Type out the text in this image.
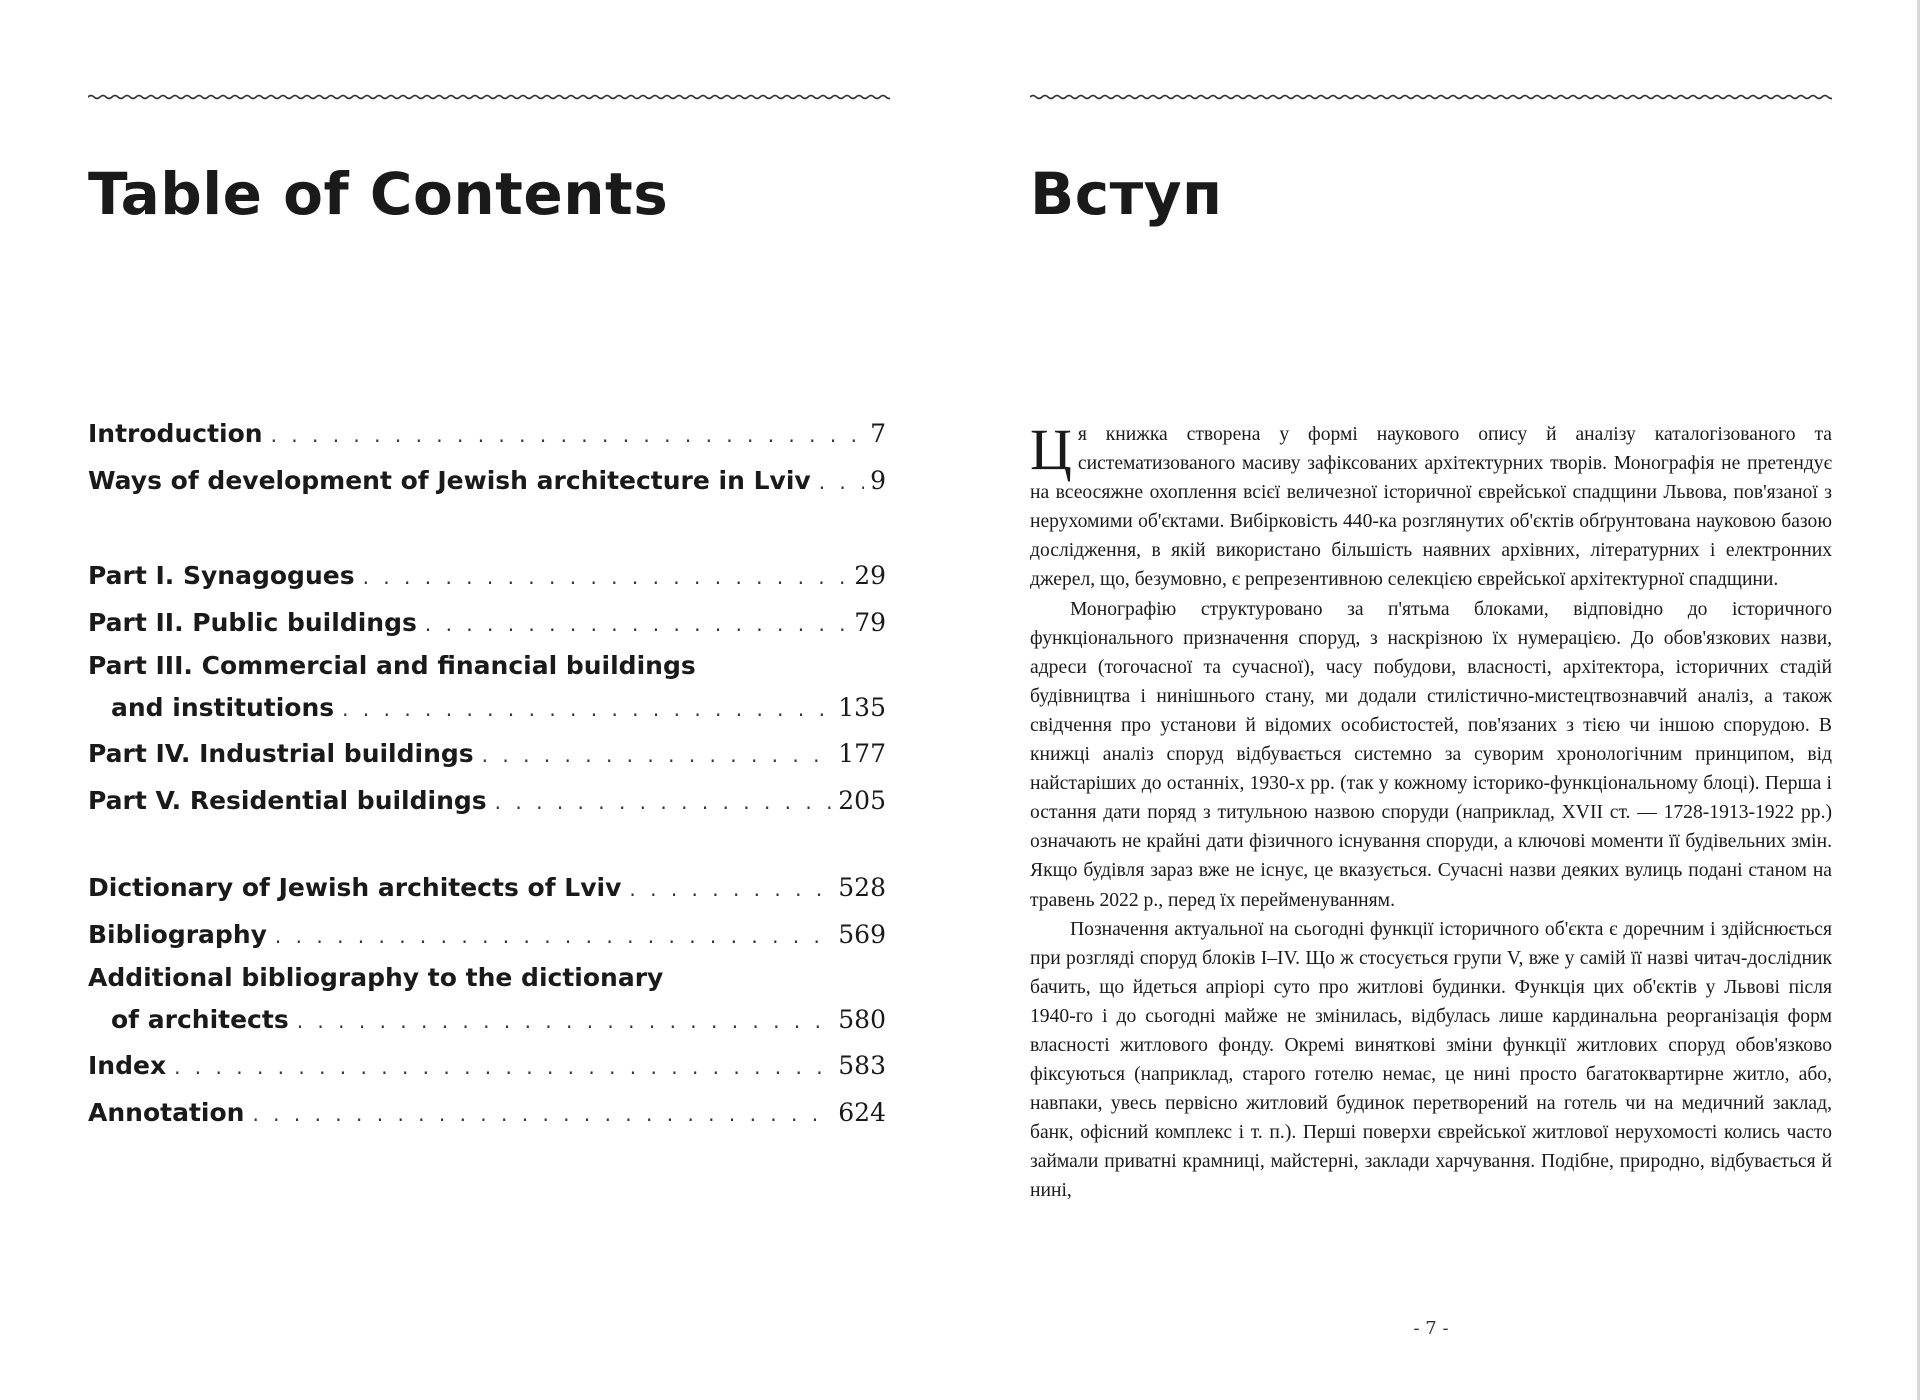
Table of Contents
Introduction . . .	7
Ways of development of Jewish architecture in Lviv . . . 9
Part I. Synagogues . . .	29
Part II. Public buildings . . .	79
Part III. Commercial and financial buildings
and institutions . . .	135
Part IV. Industrial buildings . . .	177
Part V. Residential buildings . . .	205
Dictionary of Jewish architects of Lviv . . .	528
Bibliography . . .	569
Additional bibliography to the dictionary
of architects . . .	580
Index . . .	583
Annotation . . .	624
Вступ

Ця книжка створена у формі наукового опису й аналізу каталогізованого та систематизованого масиву зафіксованих архітектурних творів. Монографія не претендує на всеосяжне охоплення всієї величезної історичної єврейської спадщини Львова, пов'язаної з нерухомими об'єктами. Вибірковість 440-ка розглянутих об'єктів обґрунтована науковою базою дослідження, в якій використано більшість наявних архівних, літературних і електронних джерел, що, безумовно, є репрезентивною селекцією єврейської архітектурної спадщини.

Монографію структуровано за п'ятьма блоками, відповідно до історичного функціонального призначення споруд, з наскрізною їх нумерацією. До обов'язкових назви, адреси (тогочасної та сучасної), часу побудови, власності, архітектора, історичних стадій будівництва і нинішнього стану, ми додали стилістично-мистецтвознавчий аналіз, а також свідчення про установи й відомих особистостей, пов'язаних з тією чи іншою спорудою. В книжці аналіз споруд відбувається системно за суворим хронологічним принципом, від найстаріших до останніх, 1930-х рр. (так у кожному історико-функціональному блоці). Перша і остання дати поряд з титульною назвою споруди (наприклад, XVII ст. — 1728-1913-1922 рр.) означають не крайні дати фізичного існування споруди, а ключові моменти її будівельних змін. Якщо будівля зараз вже не існує, це вказується. Сучасні назви деяких вулиць подані станом на травень 2022 р., перед їх перейменуванням.

Позначення актуальної на сьогодні функції історичного об'єкта є доречним і здійснюється при розгляді споруд блоків I–IV. Що ж стосується групи V, вже у самій її назві читач-дослідник бачить, що йдеться апріорі суто про житлові будинки. Функція цих об'єктів у Львові після 1940-го і до сьогодні майже не змінилась, відбулась лише кардинальна реорганізація форм власності житлового фонду. Окремі виняткові зміни функції житлових споруд обов'язково фіксуються (наприклад, старого готелю немає, це нині просто багатоквартирне житло, або, навпаки, увесь первісно житловий будинок перетворений на готель чи на медичний заклад, банк, офісний комплекс і т. п.). Перші поверхи єврейської житлової нерухомості колись часто займали приватні крамниці, майстерні, заклади харчування. Подібне, природно, відбувається й нині,

- 7 -
